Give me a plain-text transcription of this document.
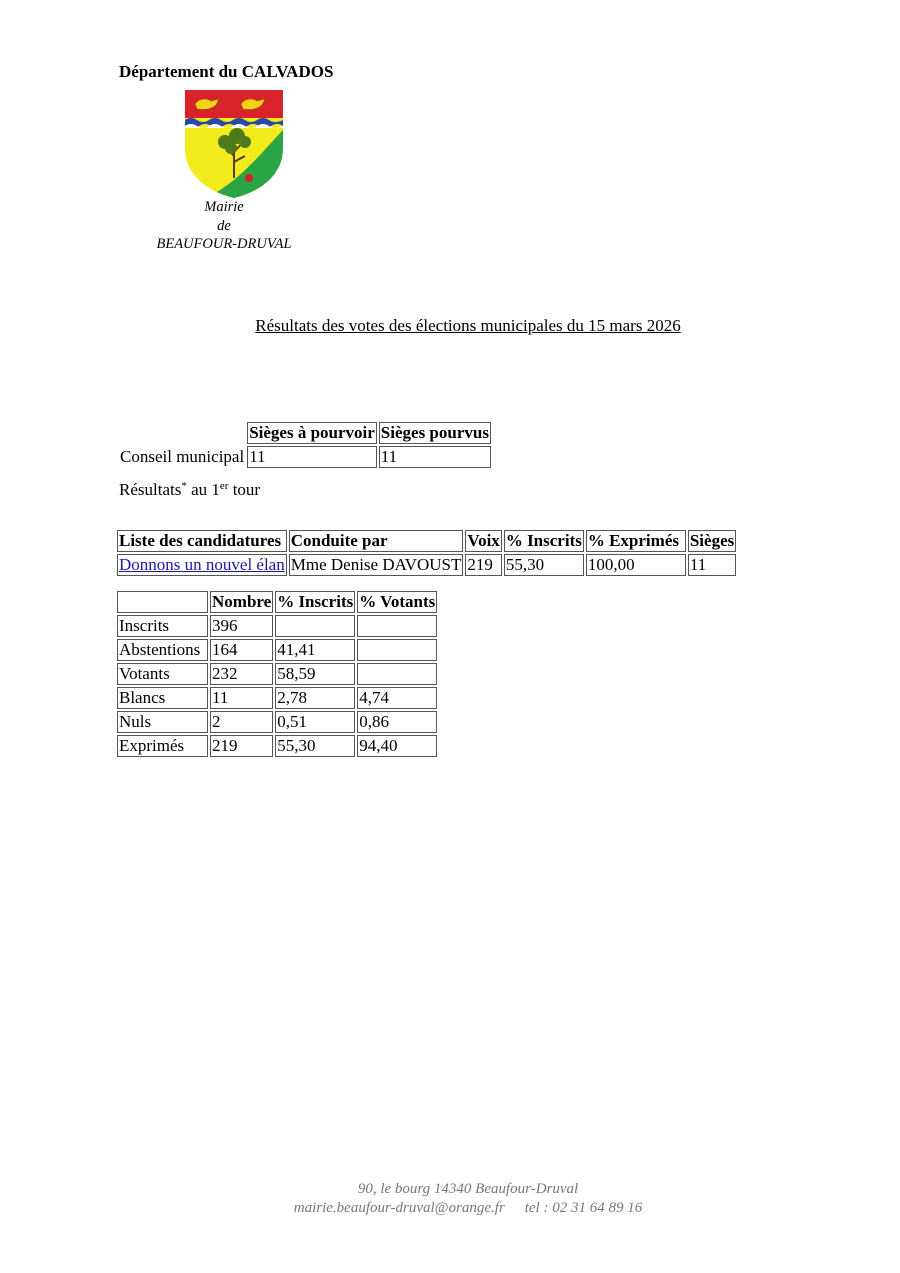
Département du CALVADOS
Mairie
de
BEAUFOUR-DRUVAL
Résultats des votes des élections municipales du 15 mars 2026
	Sièges à pourvoir	Sièges pourvus
Conseil municipal	11	11
Résultats* au 1er tour
Liste des candidatures	Conduite par	Voix	% Inscrits	% Exprimés	Sièges
Donnons un nouvel élan	Mme Denise DAVOUST	219	55,30	100,00	11
	Nombre	% Inscrits	% Votants
Inscrits	396		
Abstentions	164	41,41	
Votants	232	58,59	
Blancs	11	2,78	4,74
Nuls	2	0,51	0,86
Exprimés	219	55,30	94,40
90, le bourg 14340 Beaufour-Druval
mairie.beaufour-druval@orange.fr tel : 02 31 64 89 16
